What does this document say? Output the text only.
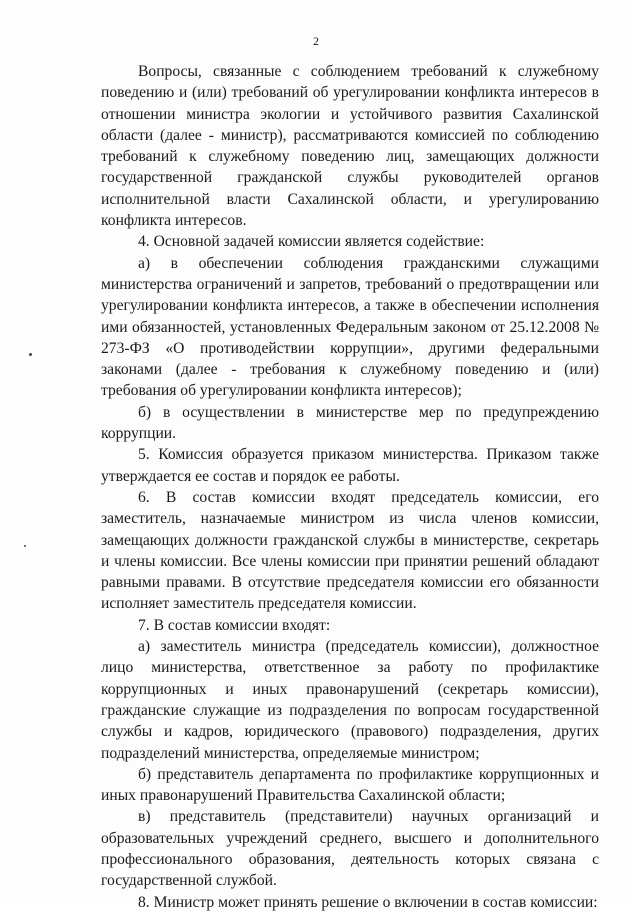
2

Вопросы, связанные с соблюдением требований к служебному поведению и (или) требований об урегулировании конфликта интересов в отношении министра экологии и устойчивого развития Сахалинской области (далее - министр), рассматриваются комиссией по соблюдению требований к служебному поведению лиц, замещающих должности государственной гражданской службы руководителей органов исполнительной власти Сахалинской области, и урегулированию конфликта интересов.

4. Основной задачей комиссии является содействие:

а) в обеспечении соблюдения гражданскими служащими министерства ограничений и запретов, требований о предотвращении или урегулировании конфликта интересов, а также в обеспечении исполнения ими обязанностей, установленных Федеральным законом от 25.12.2008 № 273-ФЗ «О противодействии коррупции», другими федеральными законами (далее - требования к служебному поведению и (или) требования об урегулировании конфликта интересов);

б) в осуществлении в министерстве мер по предупреждению коррупции.

5. Комиссия образуется приказом министерства. Приказом также утверждается ее состав и порядок ее работы.

6. В состав комиссии входят председатель комиссии, его заместитель, назначаемые министром из числа членов комиссии, замещающих должности гражданской службы в министерстве, секретарь и члены комиссии. Все члены комиссии при принятии решений обладают равными правами. В отсутствие председателя комиссии его обязанности исполняет заместитель председателя комиссии.

7. В состав комиссии входят:

а) заместитель министра (председатель комиссии), должностное лицо министерства, ответственное за работу по профилактике коррупционных и иных правонарушений (секретарь комиссии), гражданские служащие из подразделения по вопросам государственной службы и кадров, юридического (правового) подразделения, других подразделений министерства, определяемые министром;

б) представитель департамента по профилактике коррупционных и иных правонарушений Правительства Сахалинской области;

в) представитель (представители) научных организаций и образовательных учреждений среднего, высшего и дополнительного профессионального образования, деятельность которых связана с государственной службой.

8. Министр может принять решение о включении в состав комиссии:
